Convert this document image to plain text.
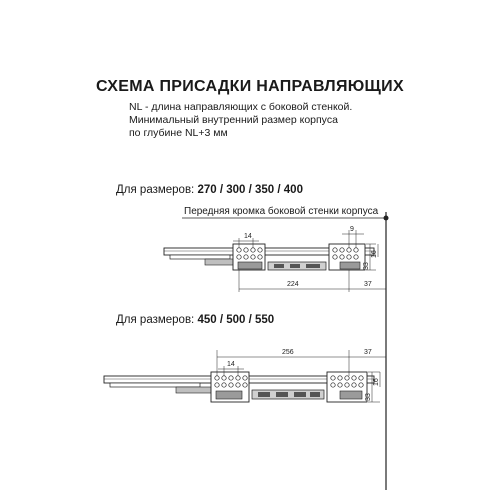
СХЕМА ПРИСАДКИ НАПРАВЛЯЮЩИХ
NL - длина направляющих с боковой стенкой.
Минимальный внутренний размер корпуса
по глубине NL+3 мм
Для размеров: 270 / 300 / 350 / 400
Передняя кромка боковой стенки корпуса
Для размеров: 450 / 500 / 550
14
9
33
16
224	37
256	37
14
33
16
